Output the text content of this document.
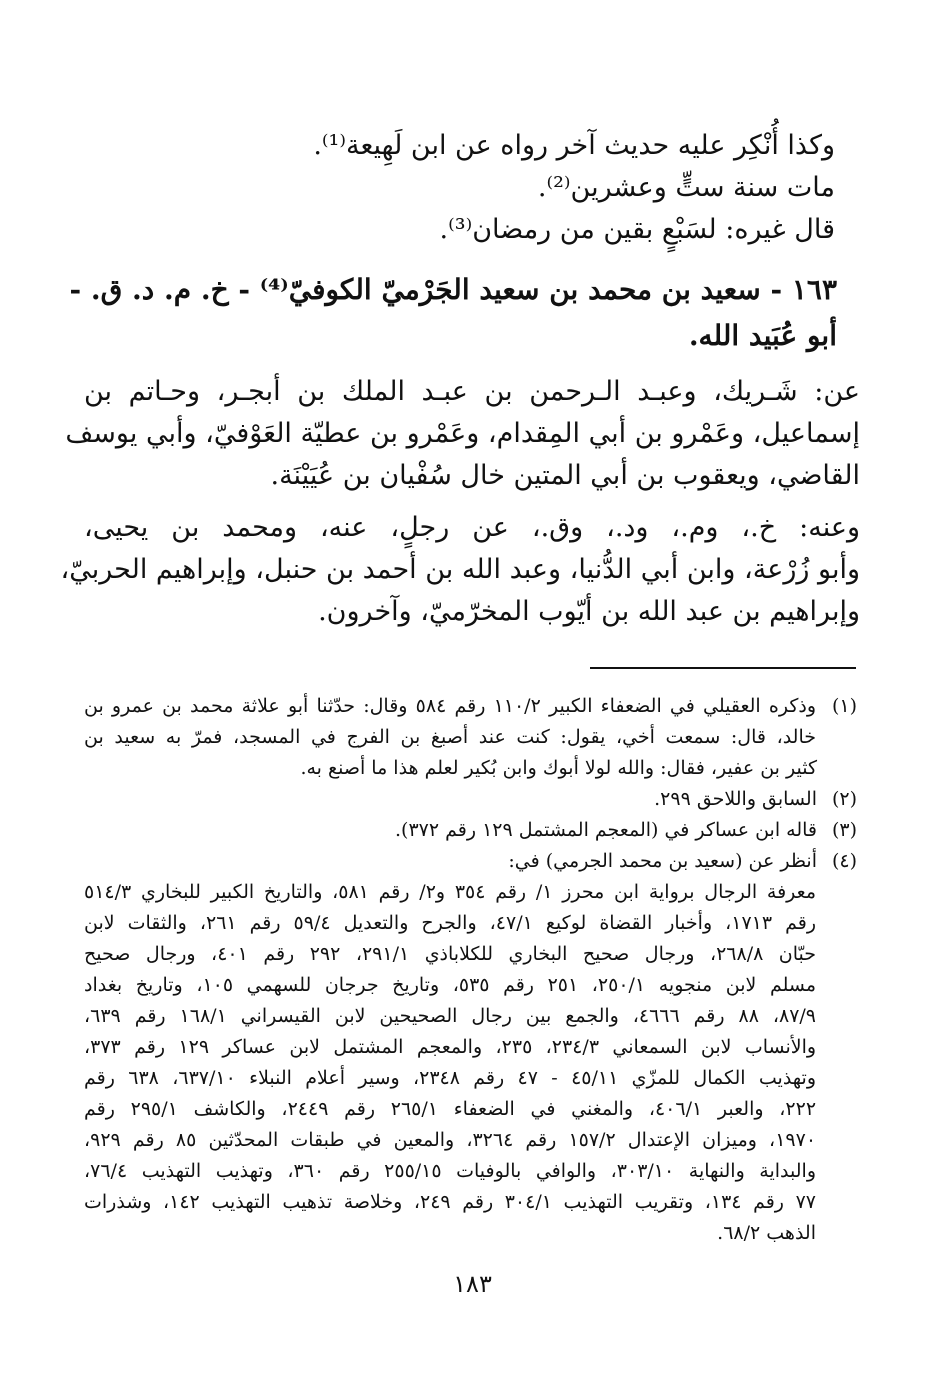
وكذا أُنْكِر عليه حديث آخر رواه عن ابن لَهِيعة⁽¹⁾.
مات سنة ستٍّ وعشرين⁽²⁾.
قال غيره: لسَبْعٍ بقين من رمضان⁽³⁾.
١٦٣ - سعيد بن محمد بن سعيد الجَرْميّ الكوفيّ⁽⁴⁾ - خ. م. د. ق. -
أبو عُبَيد الله.
عن: شَـريك، وعبـد الـرحمن بن عبـد الملك بن أبجـر، وحـاتم بن
إسماعيل، وعَمْرو بن أبي المِقدام، وعَمْرو بن عطيّة العَوْفيّ، وأبي يوسف
القاضي، ويعقوب بن أبي المتين خال سُفْيان بن عُيَيْنَة.
وعنه: خ.، وم.، ود.، وق.، عن رجلٍ، عنه، ومحمد بن يحيى،
وأبو زُرْعة، وابن أبي الدُّنيا، وعبد الله بن أحمد بن حنبل، وإبراهيم الحربيّ،
وإبراهيم بن عبد الله بن أيّوب المخرّميّ، وآخرون.
(١)
وذكره العقيلي في الضعفاء الكبير ١١٠/٢ رقم ٥٨٤ وقال: حدّثنا أبو علاثة محمد بن عمرو بن
خالد، قال: سمعت أخي، يقول: كنت عند أصبغ بن الفرج في المسجد، فمرّ به سعيد بن
كثير بن عفير، فقال: والله لولا أبوك وابن بُكير لعلم هذا ما أصنع به.
(٢)
السابق واللاحق ٢٩٩.
(٣)
قاله ابن عساكر في (المعجم المشتمل ١٢٩ رقم ٣٧٢).
(٤)
أنظر عن (سعيد بن محمد الجرمي) في:
معرفة الرجال برواية ابن محرز ١/ رقم ٣٥٤ و٢/ رقم ٥٨١، والتاريخ الكبير للبخاري ٥١٤/٣
رقم ١٧١٣، وأخبار القضاة لوكيع ٤٧/١، والجرح والتعديل ٥٩/٤ رقم ٢٦١، والثقات لابن
حبّان ٢٦٨/٨، ورجال صحيح البخاري للكلاباذي ٢٩١/١، ٢٩٢ رقم ٤٠١، ورجال صحيح
مسلم لابن منجويه ٢٥٠/١، ٢٥١ رقم ٥٣٥، وتاريخ جرجان للسهمي ١٠٥، وتاريخ بغداد
٨٧/٩، ٨٨ رقم ٤٦٦٦، والجمع بين رجال الصحيحين لابن القيسراني ١٦٨/١ رقم ٦٣٩،
والأنساب لابن السمعاني ٢٣٤/٣، ٢٣٥، والمعجم المشتمل لابن عساكر ١٢٩ رقم ٣٧٣،
وتهذيب الكمال للمزّي ٤٥/١١ - ٤٧ رقم ٢٣٤٨، وسير أعلام النبلاء ٦٣٧/١٠، ٦٣٨ رقم
٢٢٢، والعبر ٤٠٦/١، والمغني في الضعفاء ٢٦٥/١ رقم ٢٤٤٩، والكاشف ٢٩٥/١ رقم
١٩٧٠، وميزان الإعتدال ١٥٧/٢ رقم ٣٢٦٤، والمعين في طبقات المحدّثين ٨٥ رقم ٩٢٩،
والبداية والنهاية ٣٠٣/١٠، والوافي بالوفيات ٢٥٥/١٥ رقم ٣٦٠، وتهذيب التهذيب ٧٦/٤،
٧٧ رقم ١٣٤، وتقريب التهذيب ٣٠٤/١ رقم ٢٤٩، وخلاصة تذهيب التهذيب ١٤٢، وشذرات
الذهب ٦٨/٢.
١٨٣
